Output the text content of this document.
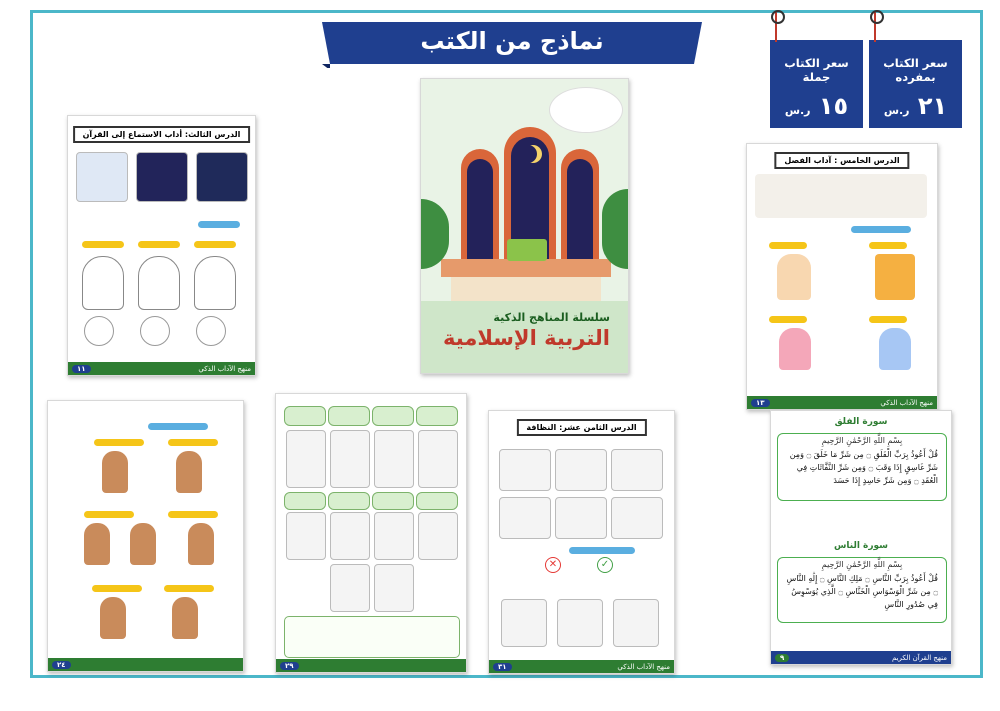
نماذج من الكتب
سعر الكتاب بمفرده
٢١ ر.س
سعر الكتاب جملة
١٥ ر.س
سلسلة المناهج الذكية
التربية الإسلامية
الدرس الثالث: أداب الاستماع إلى القرآن
منهج الآداب الذكي
١١
الدرس الخامس : آداب الفصل
منهج الآداب الذكي
١٣
٢٤	٢٩
الدرس الثامن عشر: النظافة
✕	✓
منهج الآداب الذكي
٣١
سورة الفلق
بِسْمِ اللَّهِ الرَّحْمَٰنِ الرَّحِيمِ
قُلْ أَعُوذُ بِرَبِّ الْفَلَقِ ۝ مِن شَرِّ مَا خَلَقَ ۝ وَمِن شَرِّ غَاسِقٍ إِذَا وَقَبَ ۝ وَمِن شَرِّ النَّفَّاثَاتِ فِي الْعُقَدِ ۝ وَمِن شَرِّ حَاسِدٍ إِذَا حَسَدَ
سورة الناس
بِسْمِ اللَّهِ الرَّحْمَٰنِ الرَّحِيمِ
قُلْ أَعُوذُ بِرَبِّ النَّاسِ ۝ مَلِكِ النَّاسِ ۝ إِلَٰهِ النَّاسِ ۝ مِن شَرِّ الْوَسْوَاسِ الْخَنَّاسِ ۝ الَّذِي يُوَسْوِسُ فِي صُدُورِ النَّاسِ
منهج القرآن الكريم
٩
